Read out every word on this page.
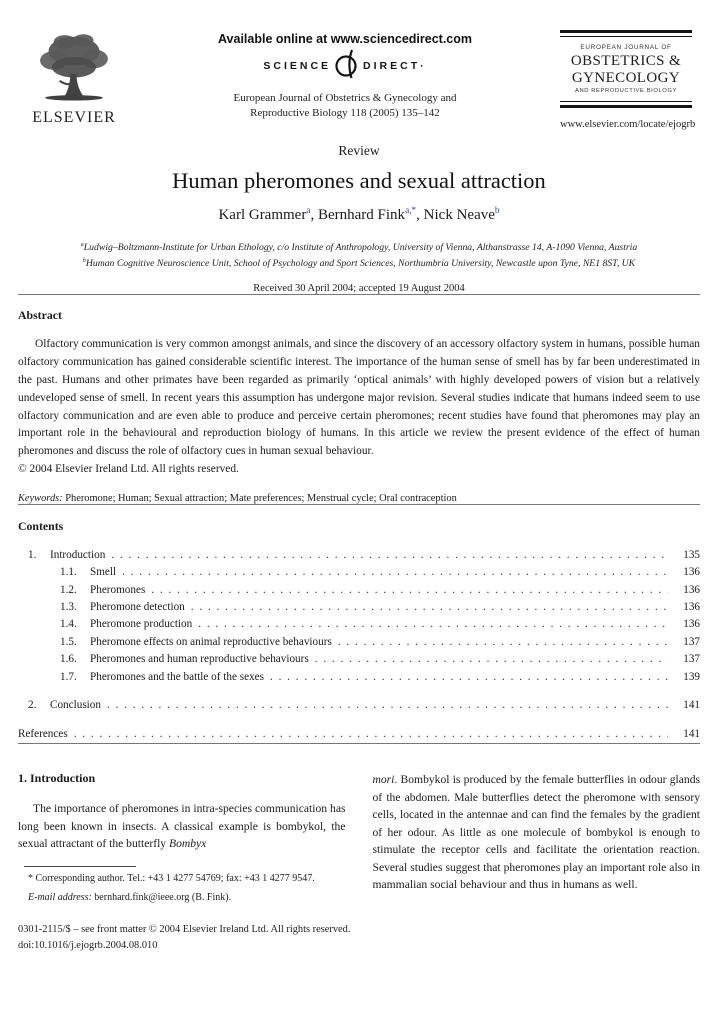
ELSEVIER
Available online at www.sciencedirect.com
SCIENCE	DIRECT·
European Journal of Obstetrics & Gynecology and
Reproductive Biology 118 (2005) 135–142
EUROPEAN JOURNAL OF
OBSTETRICS &
GYNECOLOGY
AND REPRODUCTIVE BIOLOGY
www.elsevier.com/locate/ejogrb
Review
Human pheromones and sexual attraction
Karl Grammer$^a$, Bernhard Fink$^{a,*}$, Nick Neave$^b$
$^a$Ludwig–Boltzmann-Institute for Urban Ethology, c/o Institute of Anthropology, University of Vienna, Althanstrasse 14, A-1090 Vienna, Austria
$^b$Human Cognitive Neuroscience Unit, School of Psychology and Sport Sciences, Northumbria University, Newcastle upon Tyne, NE1 8ST, UK
Received 30 April 2004; accepted 19 August 2004
Abstract
Olfactory communication is very common amongst animals, and since the discovery of an accessory olfactory system in humans, possible human olfactory communication has gained considerable scientific interest. The importance of the human sense of smell has by far been underestimated in the past. Humans and other primates have been regarded as primarily ‘optical animals’ with highly developed powers of vision but a relatively undeveloped sense of smell. In recent years this assumption has undergone major revision. Several studies indicate that humans indeed seem to use olfactory communication and are even able to produce and perceive certain pheromones; recent studies have found that pheromones may play an important role in the behavioural and reproduction biology of humans. In this article we review the present evidence of the effect of human pheromones and discuss the role of olfactory cues in human sexual behaviour.
© 2004 Elsevier Ireland Ltd. All rights reserved.
Keywords: Pheromone; Human; Sexual attraction; Mate preferences; Menstrual cycle; Oral contraception
Contents
1.	Introduction . . .	135
1.1.	Smell . . .	136
1.2.	Pheromones . . .	136
1.3.	Pheromone detection . . .	136
1.4.	Pheromone production . . .	136
1.5.	Pheromone effects on animal reproductive behaviours . . .	137
1.6.	Pheromones and human reproductive behaviours . . .	137
1.7.	Pheromones and the battle of the sexes . . .	139
2.	Conclusion . . .	141
References . . .	141
1. Introduction

The importance of pheromones in intra-species communication has long been known in insects. A classical example is bombykol, the sexual attractant of the butterfly Bombyx

* Corresponding author. Tel.: +43 1 4277 54769; fax: +43 1 4277 9547.
E-mail address: bernhard.fink@ieee.org (B. Fink).

mori. Bombykol is produced by the female butterflies in odour glands of the abdomen. Male butterflies detect the pheromone with sensory cells, located in the antennae and can find the females by the gradient of her odour. As little as one molecule of bombykol is enough to stimulate the receptor cells and facilitate the orientation reaction. Several studies suggest that pheromones play an important role also in mammalian social behaviour and thus in humans as well.

0301-2115/$ – see front matter © 2004 Elsevier Ireland Ltd. All rights reserved.
doi:10.1016/j.ejogrb.2004.08.010
